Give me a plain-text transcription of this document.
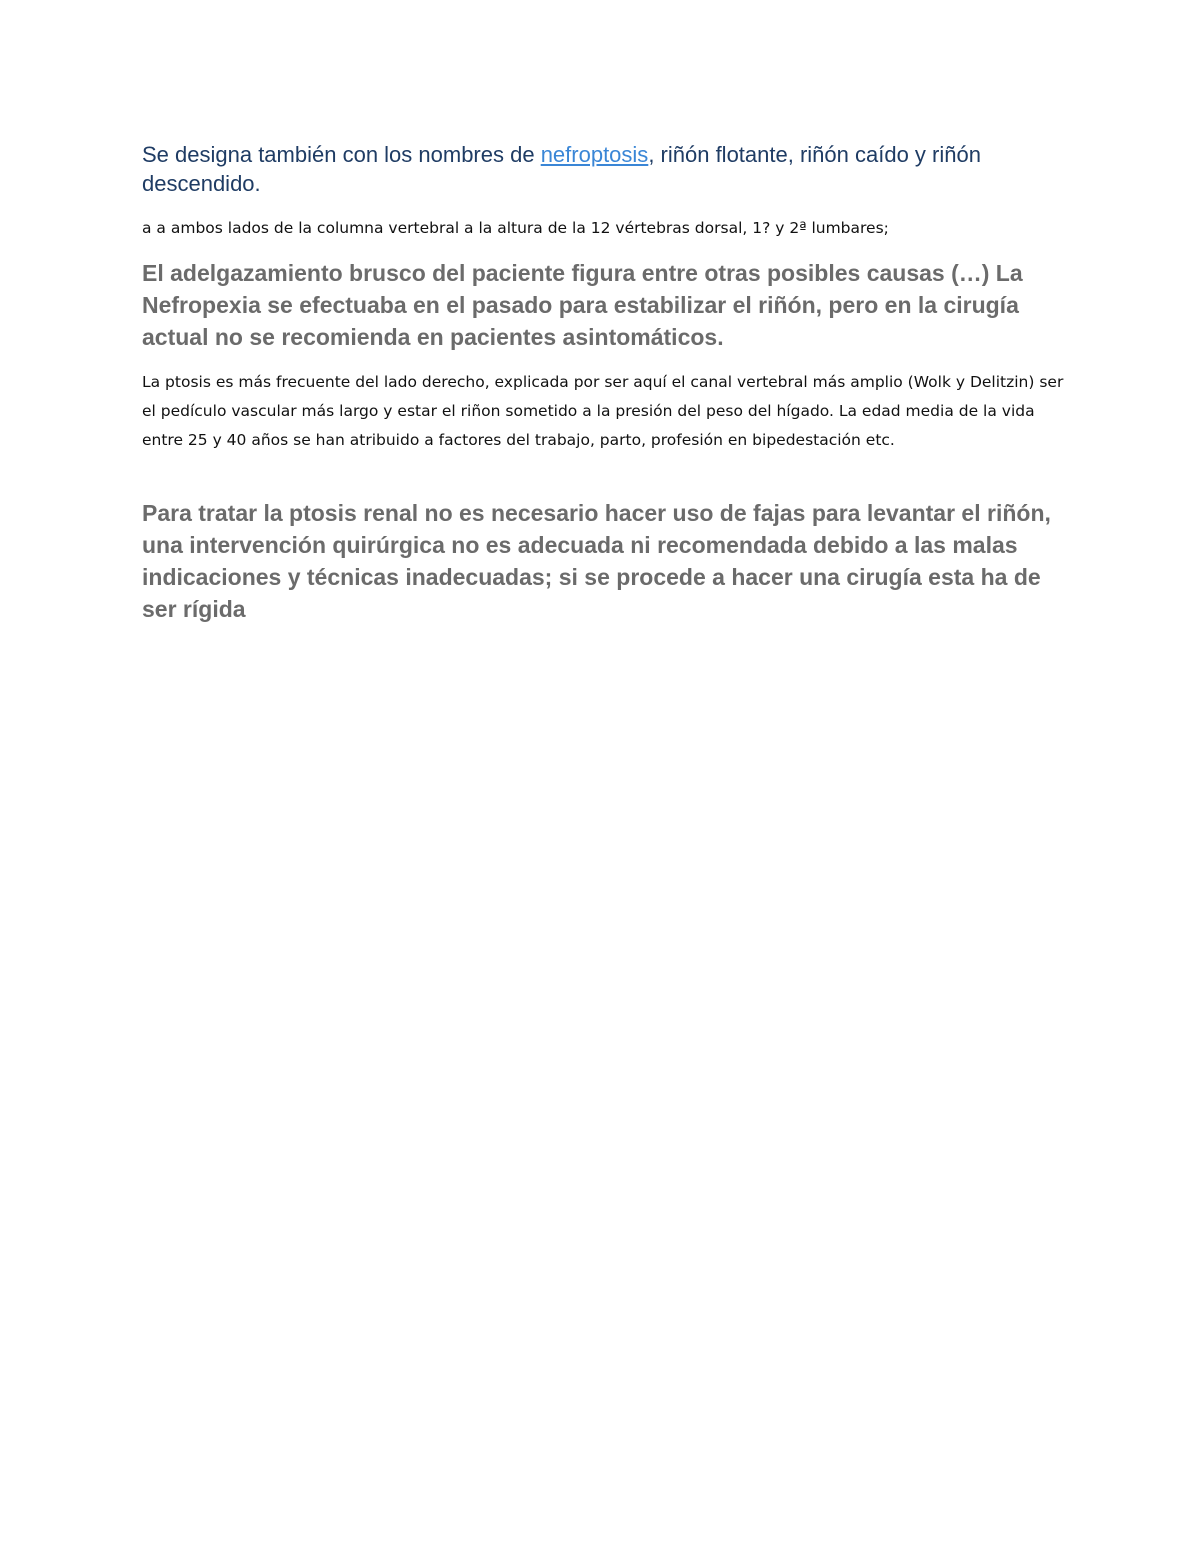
Se designa también con los nombres de nefroptosis, riñón flotante, riñón caído y riñón descendido.

a a ambos lados de la columna vertebral a la altura de la 12 vértebras dorsal, 1? y 2ª lumbares;

El adelgazamiento brusco del paciente figura entre otras posibles causas (…) La Nefropexia se efectuaba en el pasado para estabilizar el riñón, pero en la cirugía actual no se recomienda en pacientes asintomáticos.

La ptosis es más frecuente del lado derecho, explicada por ser aquí el canal vertebral más amplio (Wolk y Delitzin) ser el pedículo vascular más largo y estar el riñon sometido a la presión del peso del hígado. La edad media de la vida entre 25 y 40 años se han atribuido a factores del trabajo, parto, profesión en bipedestación etc.

Para tratar la ptosis renal no es necesario hacer uso de fajas para levantar el riñón, una intervención quirúrgica no es adecuada ni recomendada debido a las malas indicaciones y técnicas inadecuadas; si se procede a hacer una cirugía esta ha de ser rígida
